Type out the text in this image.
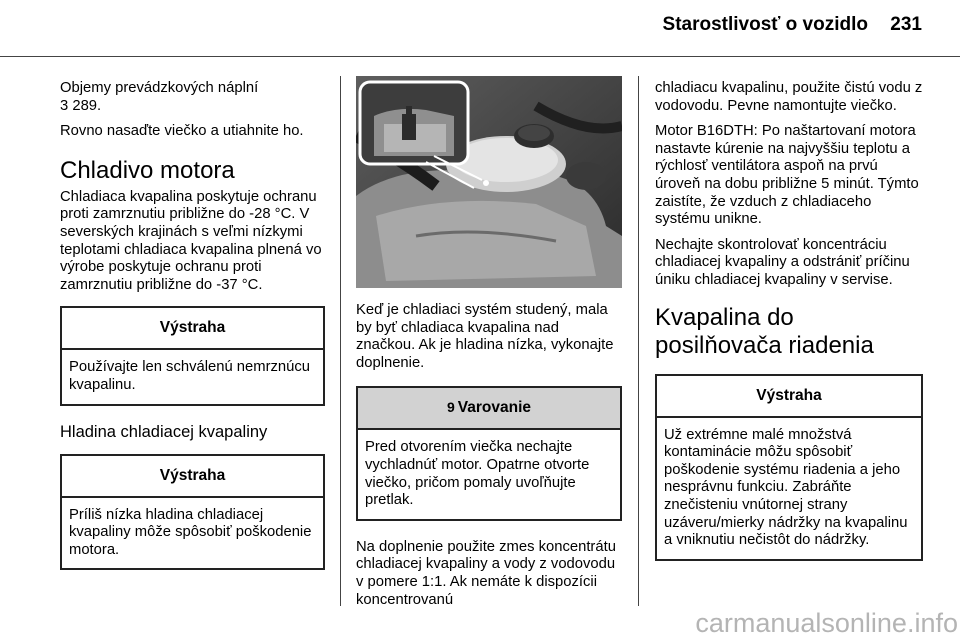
Starostlivosť o vozidlo	231

Objemy prevádzkových náplní
3 289.

Rovno nasaďte viečko a utiahnite ho.

Chladivo motora

Chladiaca kvapalina poskytuje ochranu proti zamrznutiu približne do -28 °C. V severských krajinách s veľmi nízkymi teplotami chladiaca kvapalina plnená vo výrobe poskytuje ochranu proti zamrznutiu približne do -37 °C.

Výstraha
Používajte len schválenú nemrznúcu kvapalinu.
Hladina chladiacej kvapaliny
Výstraha
Príliš nízka hladina chladiacej kvapaliny môže spôsobiť poškodenie motora.

Keď je chladiaci systém studený, mala by byť chladiaca kvapalina nad značkou. Ak je hladina nízka, vykonajte doplnenie.

9 Varovanie
Pred otvorením viečka nechajte vychladnúť motor. Opatrne otvorte viečko, pričom pomaly uvoľňujte pretlak.

Na doplnenie použite zmes koncentrátu chladiacej kvapaliny a vody z vodovodu v pomere 1:1. Ak nemáte k dispozícii koncentrovanú

chladiacu kvapalinu, použite čistú vodu z vodovodu. Pevne namontujte viečko.

Motor B16DTH: Po naštartovaní motora nastavte kúrenie na najvyššiu teplotu a rýchlosť ventilátora aspoň na prvú úroveň na dobu približne 5 minút. Týmto zaistíte, že vzduch z chladiaceho systému unikne.

Nechajte skontrolovať koncentráciu chladiacej kvapaliny a odstrániť príčinu úniku chladiacej kvapaliny v servise.

Kvapalina do posilňovača riadenia
Výstraha
Už extrémne malé množstvá kontaminácie môžu spôsobiť poškodenie systému riadenia a jeho nesprávnu funkciu. Zabráňte znečisteniu vnútornej strany uzáveru/mierky nádržky na kvapalinu a vniknutiu nečistôt do nádržky.
carmanualsonline.info
